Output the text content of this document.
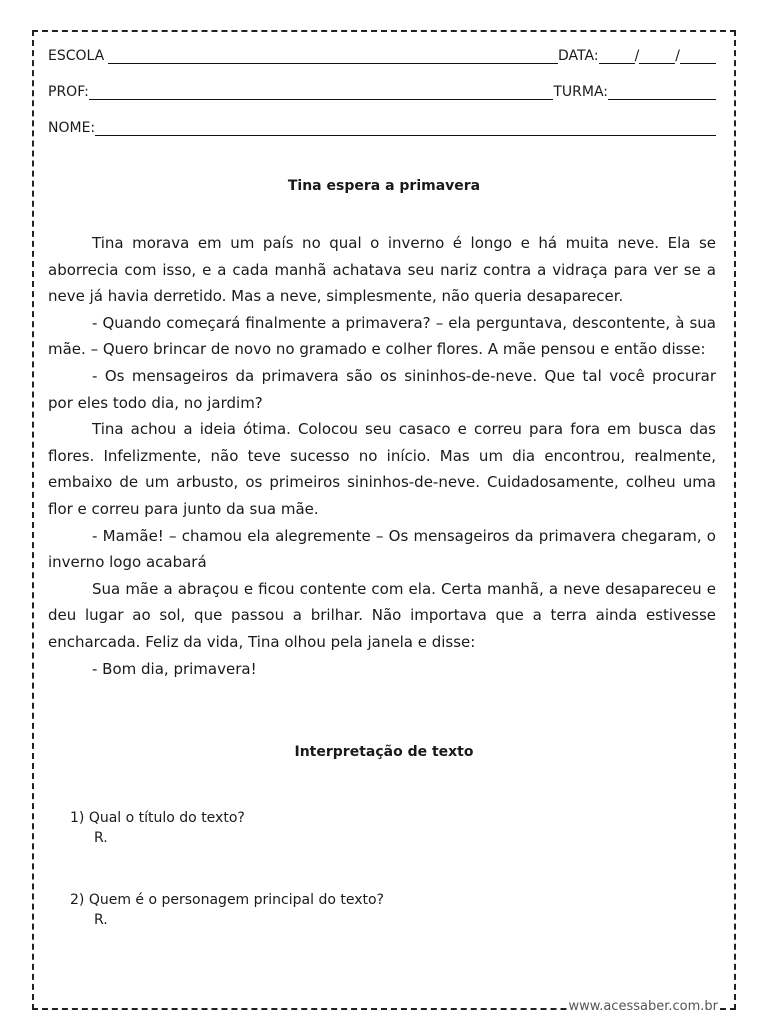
ESCOLA	DATA:	/	/
PROF:	TURMA:
NOME:
Tina espera a primavera

Tina morava em um país no qual o inverno é longo e há muita neve. Ela se aborrecia com isso, e a cada manhã achatava seu nariz contra a vidraça para ver se a neve já havia derretido. Mas a neve, simplesmente, não queria desaparecer.

- Quando começará finalmente a primavera? – ela perguntava, descontente, à sua mãe. – Quero brincar de novo no gramado e colher flores. A mãe pensou e então disse:

- Os mensageiros da primavera são os sininhos-de-neve. Que tal você procurar por eles todo dia, no jardim?

Tina achou a ideia ótima. Colocou seu casaco e correu para fora em busca das flores. Infelizmente, não teve sucesso no início. Mas um dia encontrou, realmente, embaixo de um arbusto, os primeiros sininhos-de-neve. Cuidadosamente, colheu uma flor e correu para junto da sua mãe.

- Mamãe! – chamou ela alegremente – Os mensageiros da primavera chegaram, o inverno logo acabará

Sua mãe a abraçou e ficou contente com ela. Certa manhã, a neve desapareceu e deu lugar ao sol, que passou a brilhar. Não importava que a terra ainda estivesse encharcada. Feliz da vida, Tina olhou pela janela e disse:

- Bom dia, primavera!

Interpretação de texto
1) Qual o título do texto?
R.
2) Quem é o personagem principal do texto?
R.
www.acessaber.com.br
